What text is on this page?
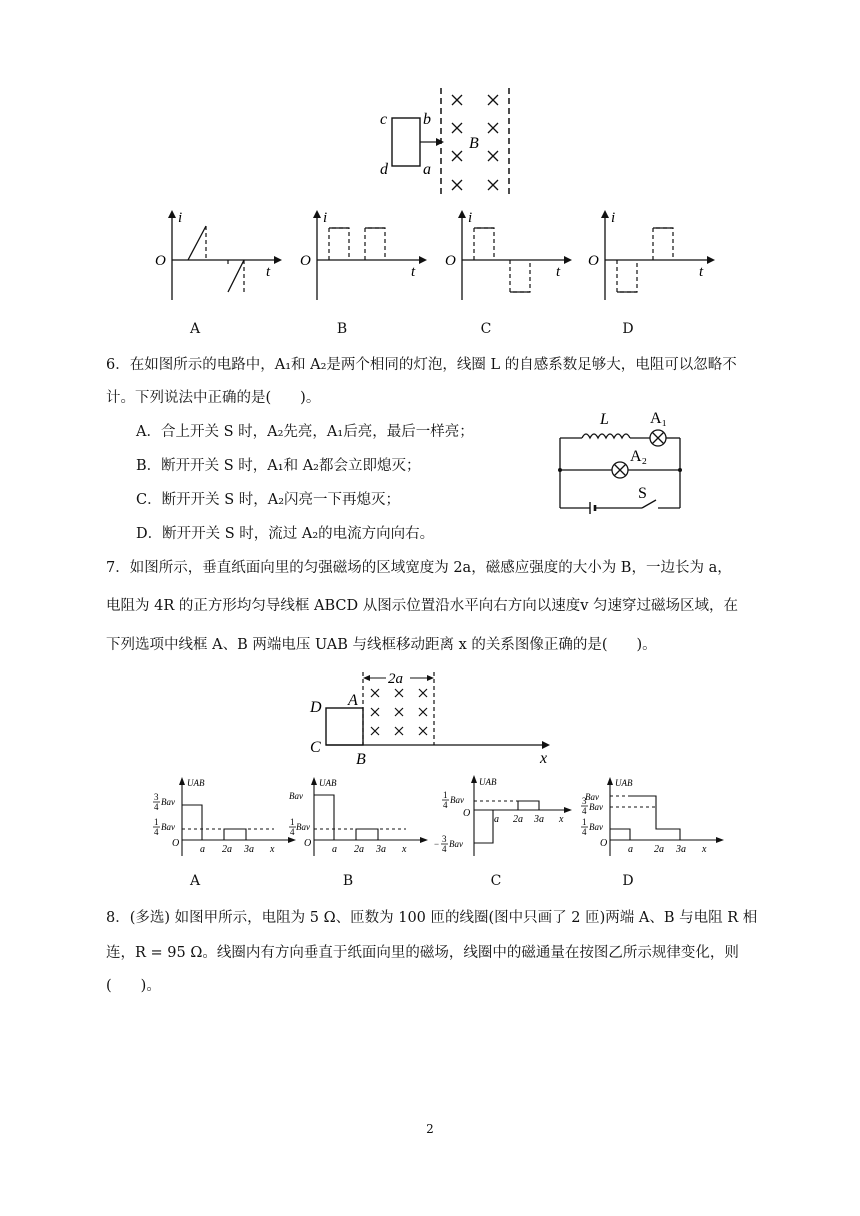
c b
d a
B
i
O
t
i
O
t
i
O
t
i
O
t
A	B	C	D
6．在如图所示的电路中，A₁和 A₂是两个相同的灯泡，线圈 L 的自感系数足够大，电阻可以忽略不
计。下列说法中正确的是(　　)。
A．合上开关 S 时，A₂先亮，A₁后亮，最后一样亮；
B．断开开关 S 时，A₁和 A₂都会立即熄灭；
C．断开开关 S 时，A₂闪亮一下再熄灭；
D．断开开关 S 时，流过 A₂的电流方向向右。
L	A₁
A₂
S
7．如图所示，垂直纸面向里的匀强磁场的区域宽度为 2a，磁感应强度的大小为 B，一边长为 a，
电阻为 4R 的正方形均匀导线框 ABCD 从图示位置沿水平向右方向以速度v 匀速穿过磁场区域，在
下列选项中线框 A、B 两端电压 UAB 与线框移动距离 x 的关系图像正确的是(　　)。
2a
D A
C
B	x
UAB
3
4 Bav
1
4 Bav
O
a 2a 3a x
UAB
Bav
1
4 Bav
O
a 2a 3a x
UAB
1
4 Bav
− 3
4 Bav
O
a 2a 3a x
UAB
Bav
3
4 Bav
1
4 Bav
O
a 2a 3a x
A	B	C	D
8．(多选) 如图甲所示，电阻为 5 Ω、匝数为 100 匝的线圈(图中只画了 2 匝)两端 A、B 与电阻 R 相
连，R = 95 Ω。线圈内有方向垂直于纸面向里的磁场，线圈中的磁通量在按图乙所示规律变化，则
(　　)。
2
